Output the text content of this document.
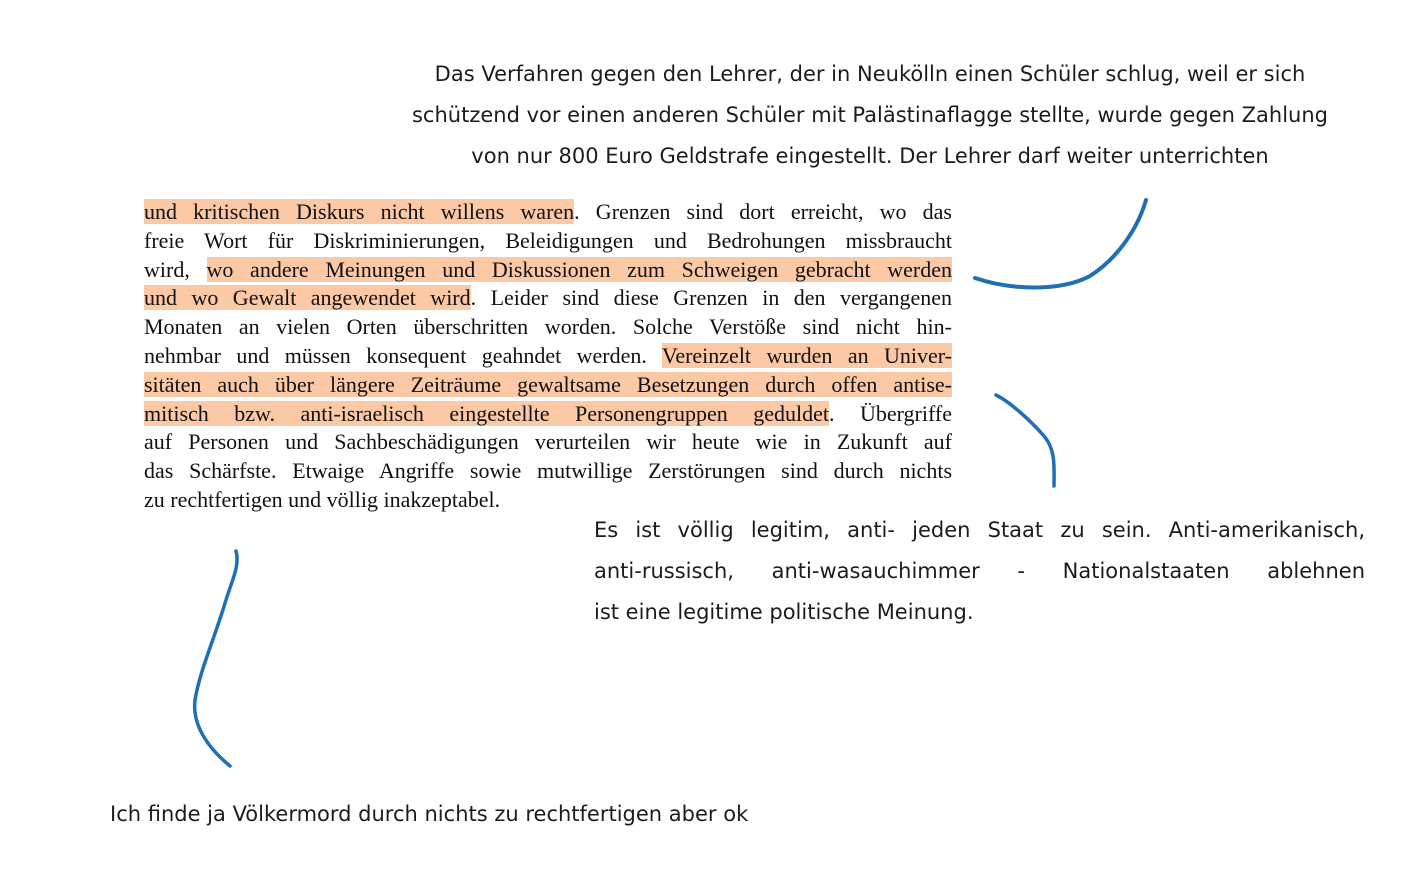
Das Verfahren gegen den Lehrer, der in Neukölln einen Schüler schlug, weil er sich
schützend vor einen anderen Schüler mit Palästinaflagge stellte, wurde gegen Zahlung
von nur 800 Euro Geldstrafe eingestellt. Der Lehrer darf weiter unterrichten
und kritischen Diskurs nicht willens waren. Grenzen sind dort erreicht, wo das
freie Wort für Diskriminierungen, Beleidigungen und Bedrohungen missbraucht
wird, wo andere Meinungen und Diskussionen zum Schweigen gebracht werden
und wo Gewalt angewendet wird. Leider sind diese Grenzen in den vergangenen
Monaten an vielen Orten überschritten worden. Solche Verstöße sind nicht hin-
nehmbar und müssen konsequent geahndet werden. Vereinzelt wurden an Univer-
sitäten auch über längere Zeiträume gewaltsame Besetzungen durch offen antise-
mitisch bzw. anti-israelisch eingestellte Personengruppen geduldet. Übergriffe
auf Personen und Sachbeschädigungen verurteilen wir heute wie in Zukunft auf
das Schärfste. Etwaige Angriffe sowie mutwillige Zerstörungen sind durch nichts
zu rechtfertigen und völlig inakzeptabel.
Es ist völlig legitim, anti- jeden Staat zu sein. Anti-amerikanisch,
anti-russisch, anti-wasauchimmer - Nationalstaaten ablehnen
ist eine legitime politische Meinung.
Ich finde ja Völkermord durch nichts zu rechtfertigen aber ok
